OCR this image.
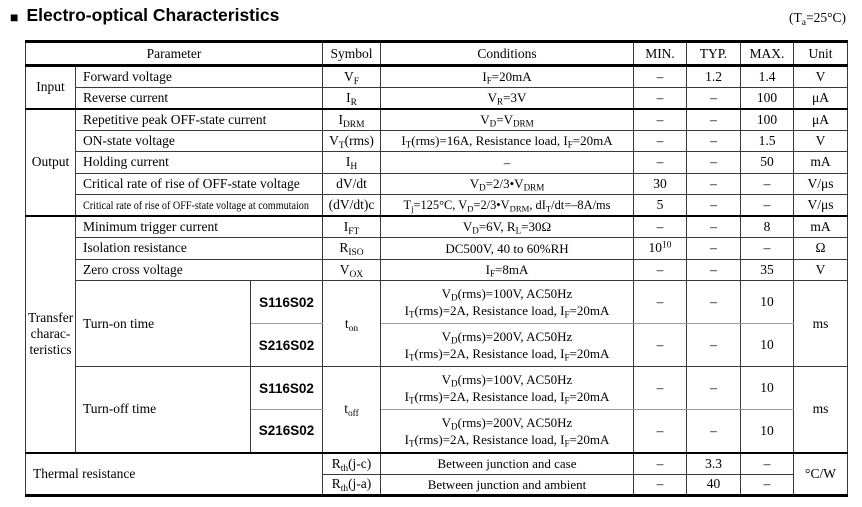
■ Electro-optical Characteristics	$(T_a=25^\circ C)$
Parameter			Symbol	Conditions	MIN.	TYP.	MAX.	Unit
Input	Forward voltage		$V_F$	$I_F=20mA$	–	1.2	1.4	V
	Reverse current		$I_R$	$V_R=3V$	–	–	100	μA
Output	Repetitive peak OFF-state current		$I_{DRM}$	$V_D=V_{DRM}$	–	–	100	μA
	ON-state voltage		$V_T(rms)$	$I_T(rms)=16A$, Resistance load, $I_F=20mA$	–	–	1.5	V
	Holding current		$I_H$	–	–	–	50	mA
	Critical rate of rise of OFF-state voltage		dV/dt	$V_D=2/3•V_{DRM}$	30	–	–	V/μs
	Critical rate of rise of OFF-state voltage at commutaion		(dV/dt)c	$T_j=125^\circ C$, $V_D=2/3•V_{DRM}$, $dI_T/dt=-8A/ms$	5	–	–	V/μs
Transfer
charac-
teristics	Minimum trigger current		$I_{FT}$	$V_D=6V$, $R_L=30\Omega$	–	–	8	mA
	Isolation resistance		$R_{ISO}$	DC500V, 40 to 60%RH	$10^{10}$	–	–	Ω
	Zero cross voltage		$V_{OX}$	$I_F=8mA$	–	–	35	V
	Turn-on time	S116S02	$t_{on}$	$V_D(rms)=100V$, AC50Hz
$I_T(rms)=2A$, Resistance load, $I_F=20mA$	–	–	10	ms
		S216S02		$V_D(rms)=200V$, AC50Hz
$I_T(rms)=2A$, Resistance load, $I_F=20mA$	–	–	10	
	Turn-off time	S116S02	$t_{off}$	$V_D(rms)=100V$, AC50Hz
$I_T(rms)=2A$, Resistance load, $I_F=20mA$	–	–	10	ms
		S216S02		$V_D(rms)=200V$, AC50Hz
$I_T(rms)=2A$, Resistance load, $I_F=20mA$	–	–	10	
Thermal resistance			$R_{th}(j-c)$	Between junction and case	–	3.3	–	°C/W
			$R_{th}(j-a)$	Between junction and ambient	–	40	–	
